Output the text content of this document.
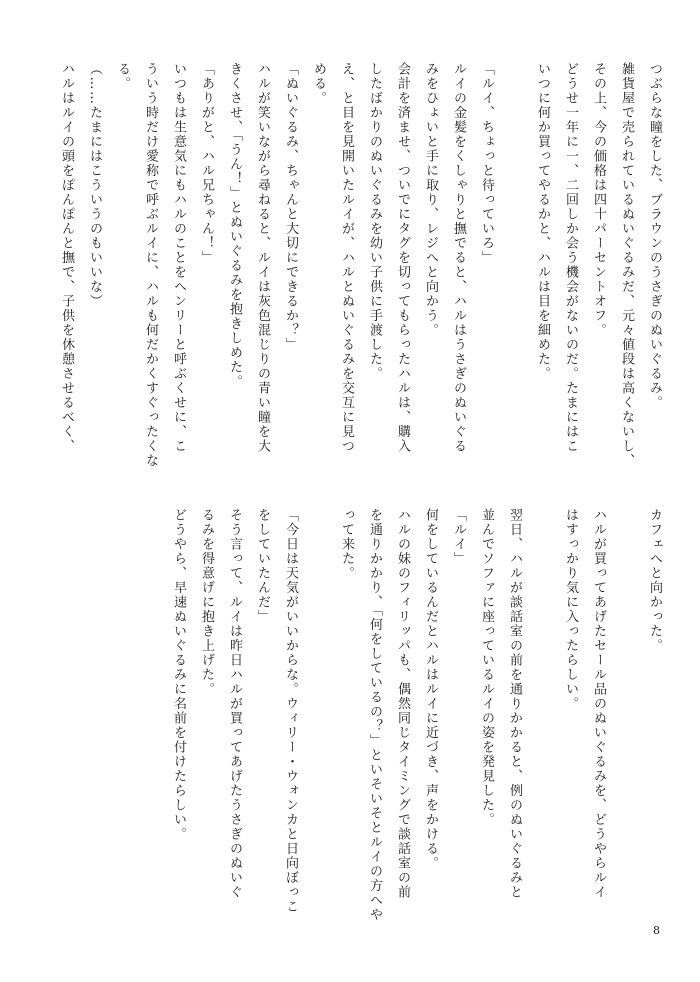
つぶらな瞳をした、ブラウンのうさぎのぬいぐるみ。
雑貨屋で売られているぬいぐるみだ、元々値段は高くないし、
その上、今の価格は四十パーセントオフ。
どうせ一年に一、二回しか会う機会がないのだ。たまにはこ
いつに何か買ってやるかと、ハルは目を細めた。
「ルイ、ちょっと待っていろ」
ルイの金髪をくしゃりと撫でると、ハルはうさぎのぬいぐる
みをひょいと手に取り、レジへと向かう。
会計を済ませ、ついでにタグを切ってもらったハルは、購入
したばかりのぬいぐるみを幼い子供に手渡した。
え、と目を見開いたルイが、ハルとぬいぐるみを交互に見つ
める。
「ぬいぐるみ、ちゃんと大切にできるか？」
ハルが笑いながら尋ねると、ルイは灰色混じりの青い瞳を大
きくさせ、「うん！」とぬいぐるみを抱きしめた。
「ありがと、ハル兄ちゃん！」
いつもは生意気にもハルのことをヘンリーと呼ぶくせに、こ
ういう時だけ愛称で呼ぶルイに、ハルも何だかくすぐったくな
る。
（……たまにはこういうのもいいな）
ハルはルイの頭をぽんぽんと撫で、子供を休憩させるべく、
カフェへと向かった。
ハルが買ってあげたセール品のぬいぐるみを、どうやらルイ
はすっかり気に入ったらしい。
翌日、ハルが談話室の前を通りかかると、例のぬいぐるみと
並んでソファに座っているルイの姿を発見した。
「ルイ」
何をしているんだとハルはルイに近づき、声をかける。
ハルの妹のフィリッパも、偶然同じタイミングで談話室の前
を通りかかり、「何をしているの？」といそいそとルイの方へや
って来た。
「今日は天気がいいからな。ウィリー・ウォンカと日向ぼっこ
をしていたんだ」
そう言って、ルイは昨日ハルが買ってあげたうさぎのぬいぐ
るみを得意げに抱き上げた。
どうやら、早速ぬいぐるみに名前を付けたらしい。
8
